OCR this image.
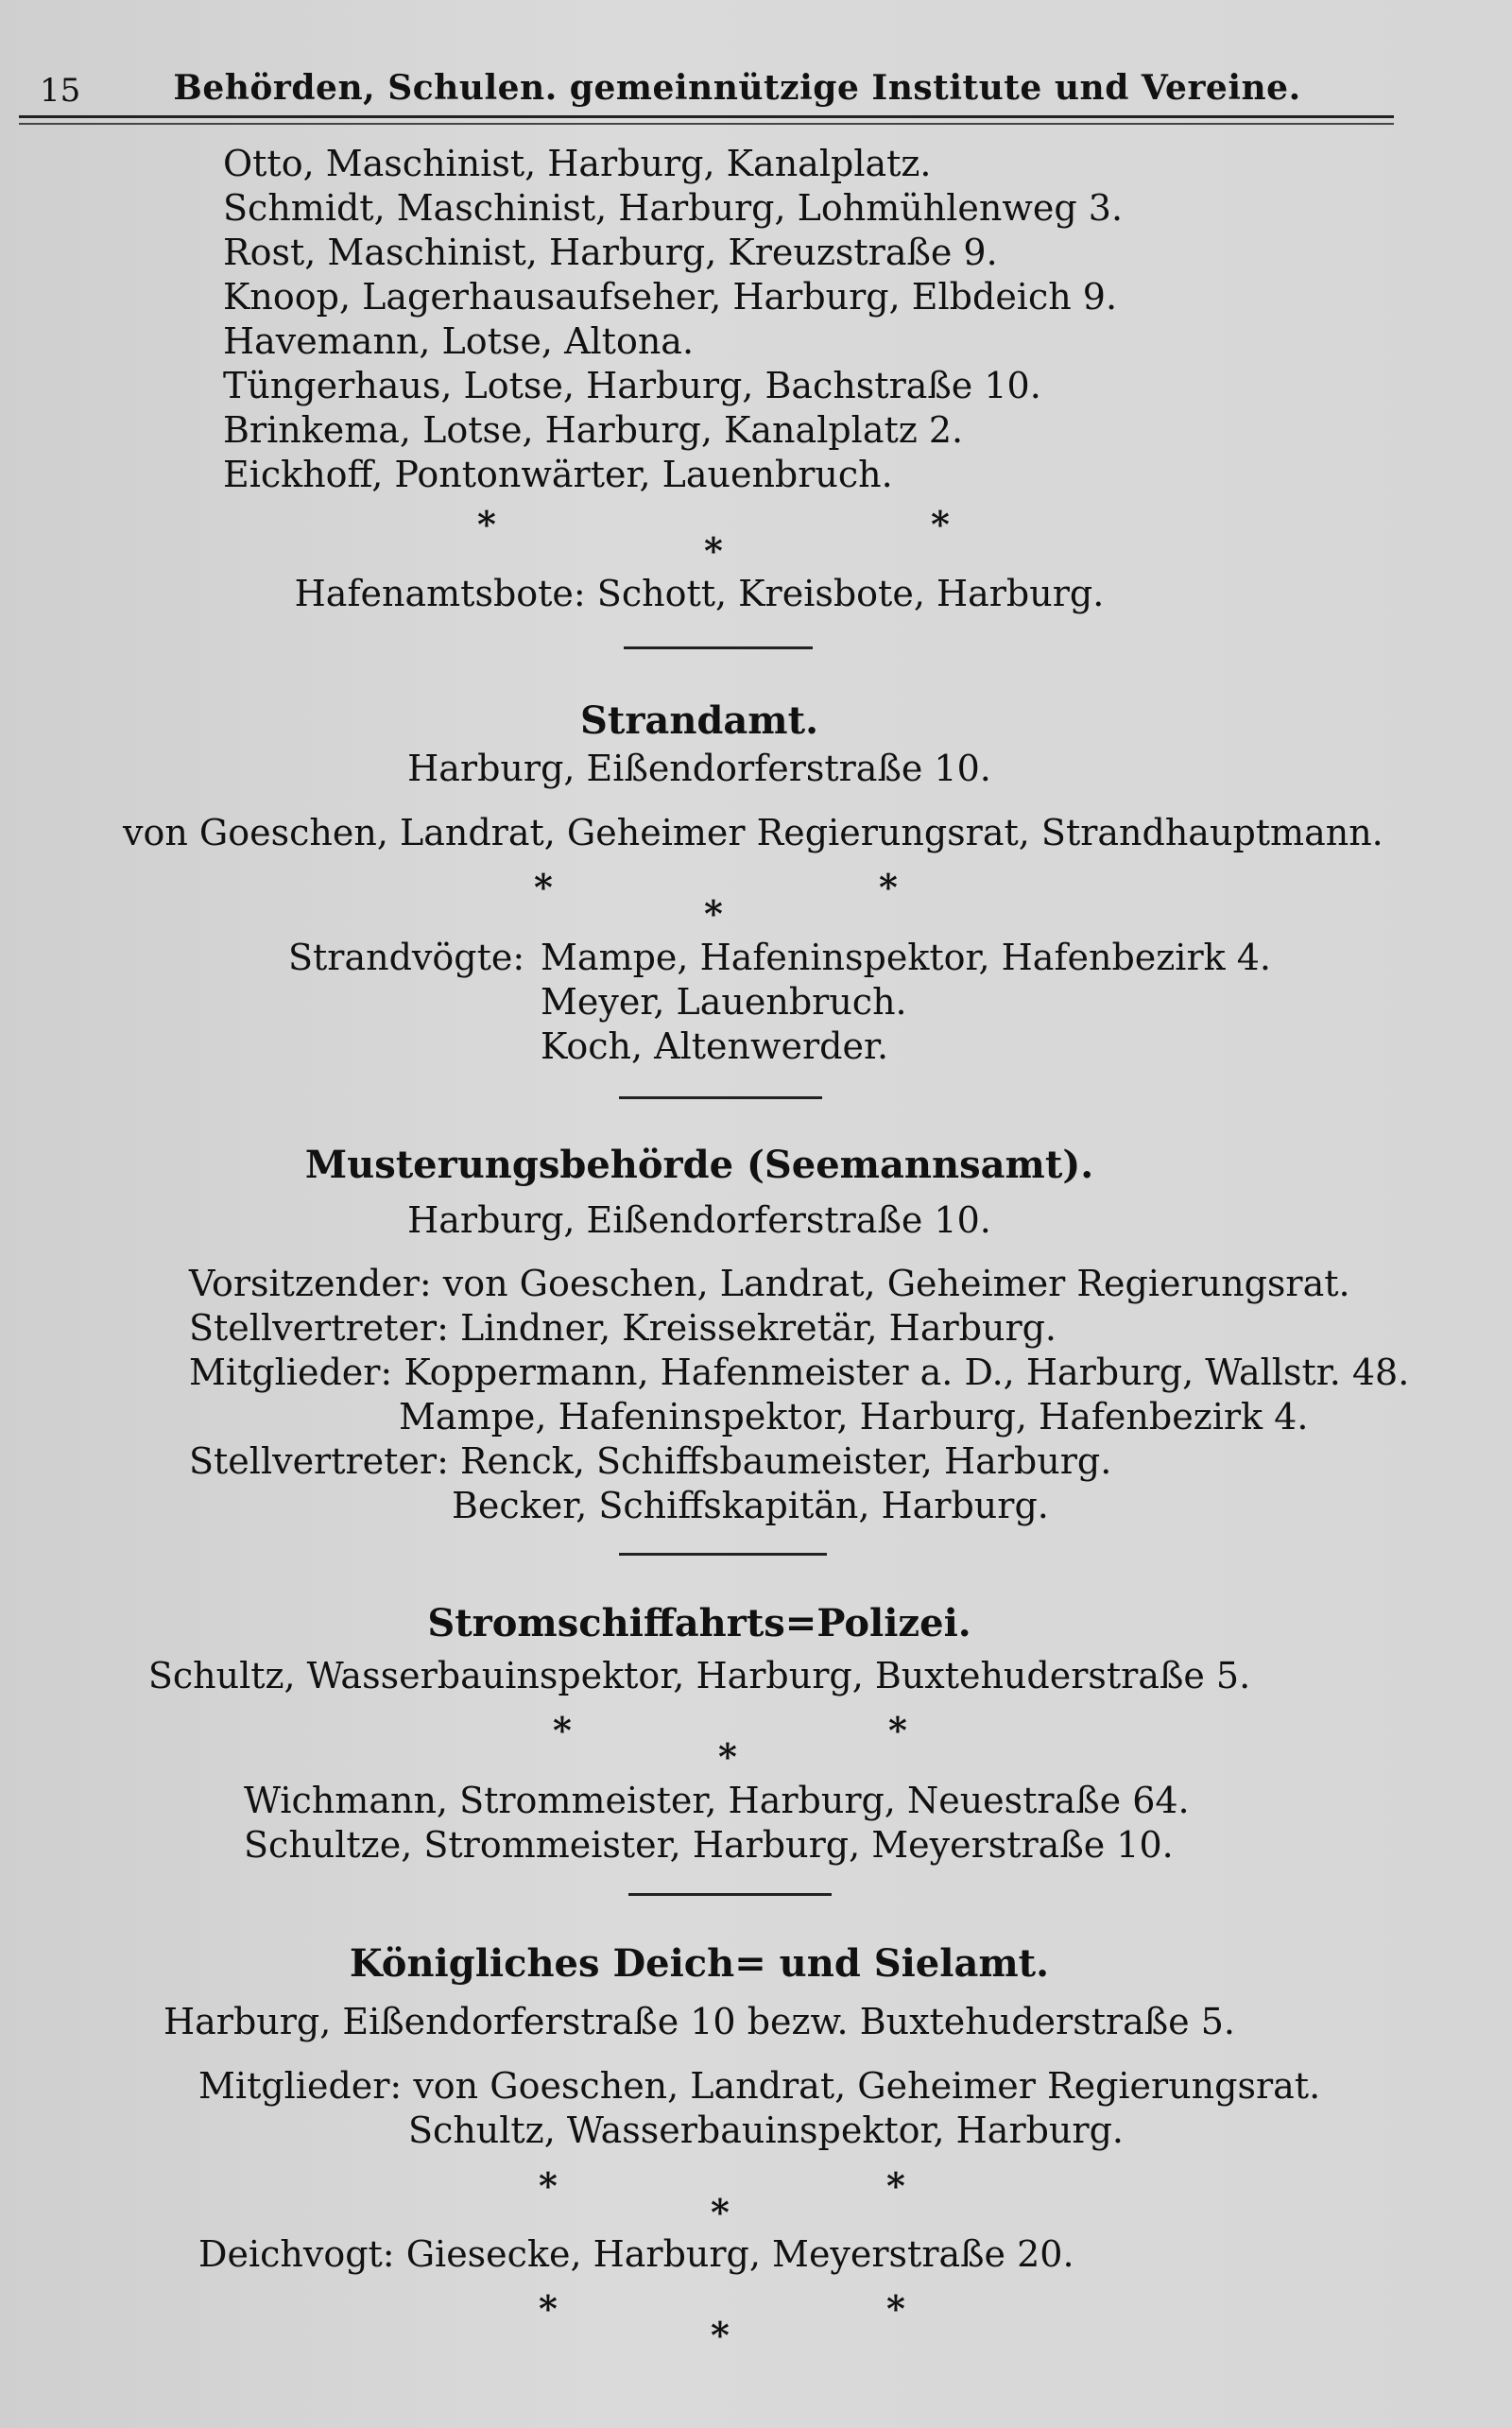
15	Behörden, Schulen. gemeinnützige Institute und Vereine.
Otto, Maschinist, Harburg, Kanalplatz.
Schmidt, Maschinist, Harburg, Lohmühlenweg 3.
Rost, Maschinist, Harburg, Kreuzstraße 9.
Knoop, Lagerhausaufseher, Harburg, Elbdeich 9.
Havemann, Lotse, Altona.
Tüngerhaus, Lotse, Harburg, Bachstraße 10.
Brinkema, Lotse, Harburg, Kanalplatz 2.
Eickhoff, Pontonwärter, Lauenbruch.
*
*
*
Hafenamtsbote: Schott, Kreisbote, Harburg.
Strandamt.
Harburg, Eißendorferstraße 10.
von Goeschen, Landrat, Geheimer Regierungsrat, Strandhauptmann.
*
*
*
Strandvögte: Mampe, Hafeninspektor, Hafenbezirk 4.
Meyer, Lauenbruch.
Koch, Altenwerder.
Musterungsbehörde (Seemannsamt).
Harburg, Eißendorferstraße 10.
Vorsitzender: von Goeschen, Landrat, Geheimer Regierungsrat.
Stellvertreter: Lindner, Kreissekretär, Harburg.
Mitglieder: Koppermann, Hafenmeister a. D., Harburg, Wallstr. 48.
Mampe, Hafeninspektor, Harburg, Hafenbezirk 4.
Stellvertreter: Renck, Schiffsbaumeister, Harburg.
Becker, Schiffskapitän, Harburg.
Stromschiffahrts=Polizei.
Schultz, Wasserbauinspektor, Harburg, Buxtehuderstraße 5.
*
*
*
Wichmann, Strommeister, Harburg, Neuestraße 64.
Schultze, Strommeister, Harburg, Meyerstraße 10.
Königliches Deich= und Sielamt.
Harburg, Eißendorferstraße 10 bezw. Buxtehuderstraße 5.
Mitglieder: von Goeschen, Landrat, Geheimer Regierungsrat.
Schultz, Wasserbauinspektor, Harburg.
*
*
*
Deichvogt: Giesecke, Harburg, Meyerstraße 20.
*
*
*
